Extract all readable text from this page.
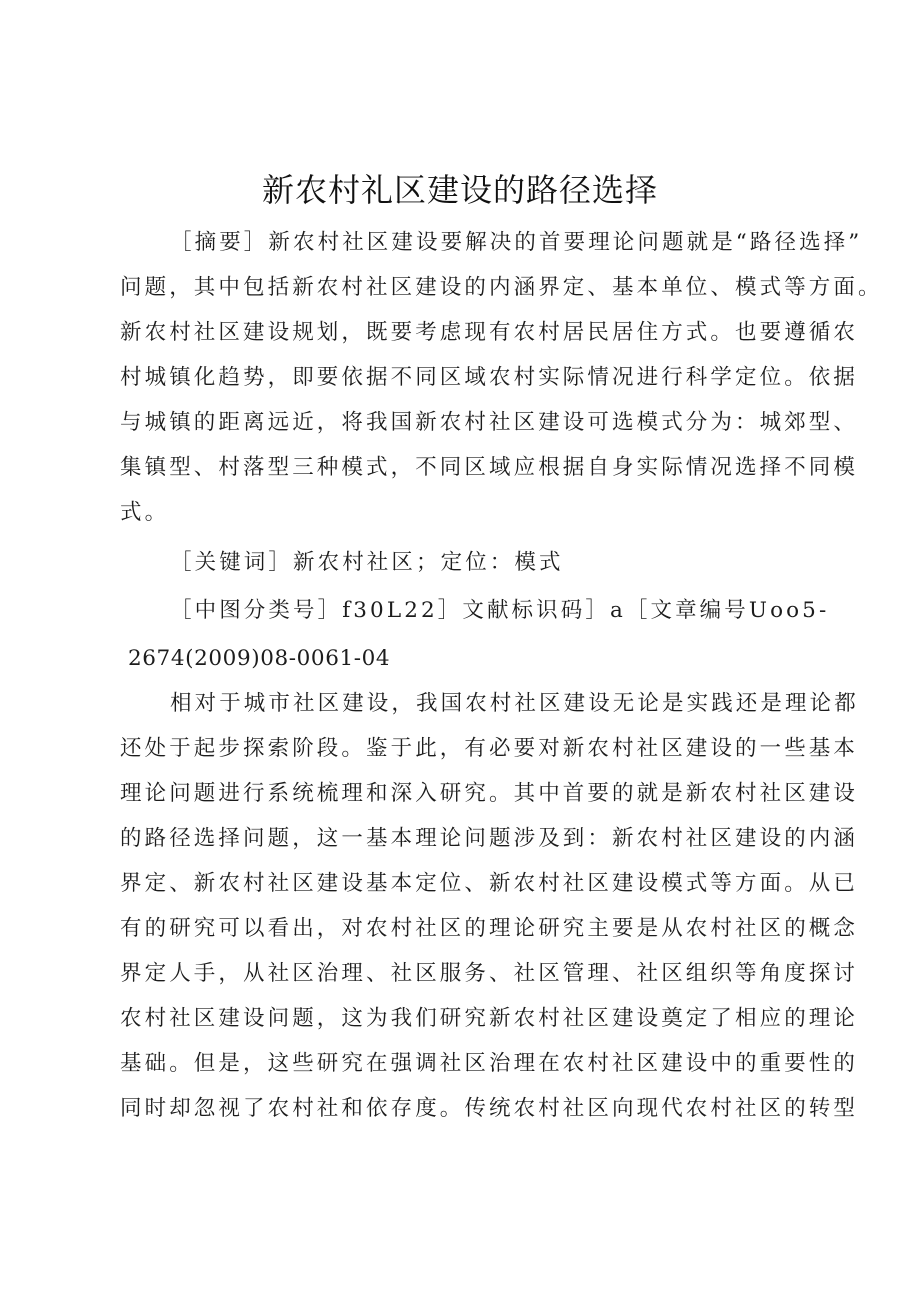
新农村礼区建设的路径选择
［摘要］新农村社区建设要解决的首要理论问题就是“路径选择”
问题，其中包括新农村社区建设的内涵界定、基本单位、模式等方面。
新农村社区建设规划，既要考虑现有农村居民居住方式。也要遵循农
村城镇化趋势，即要依据不同区域农村实际情况进行科学定位。依据
与城镇的距离远近，将我国新农村社区建设可选模式分为：城郊型、
集镇型、村落型三种模式，不同区域应根据自身实际情况选择不同模
式。
［关键词］新农村社区；定位：模式
［中图分类号］f30L22］文献标识码］a［文章编号Uoo5-
2674(2009)08-0061-04
相对于城市社区建设，我国农村社区建设无论是实践还是理论都
还处于起步探索阶段。鉴于此，有必要对新农村社区建设的一些基本
理论问题进行系统梳理和深入研究。其中首要的就是新农村社区建设
的路径选择问题，这一基本理论问题涉及到：新农村社区建设的内涵
界定、新农村社区建设基本定位、新农村社区建设模式等方面。从已
有的研究可以看出，对农村社区的理论研究主要是从农村社区的概念
界定人手，从社区治理、社区服务、社区管理、社区组织等角度探讨
农村社区建设问题，这为我们研究新农村社区建设奠定了相应的理论
基础。但是，这些研究在强调社区治理在农村社区建设中的重要性的
同时却忽视了农村社和依存度。传统农村社区向现代农村社区的转型
